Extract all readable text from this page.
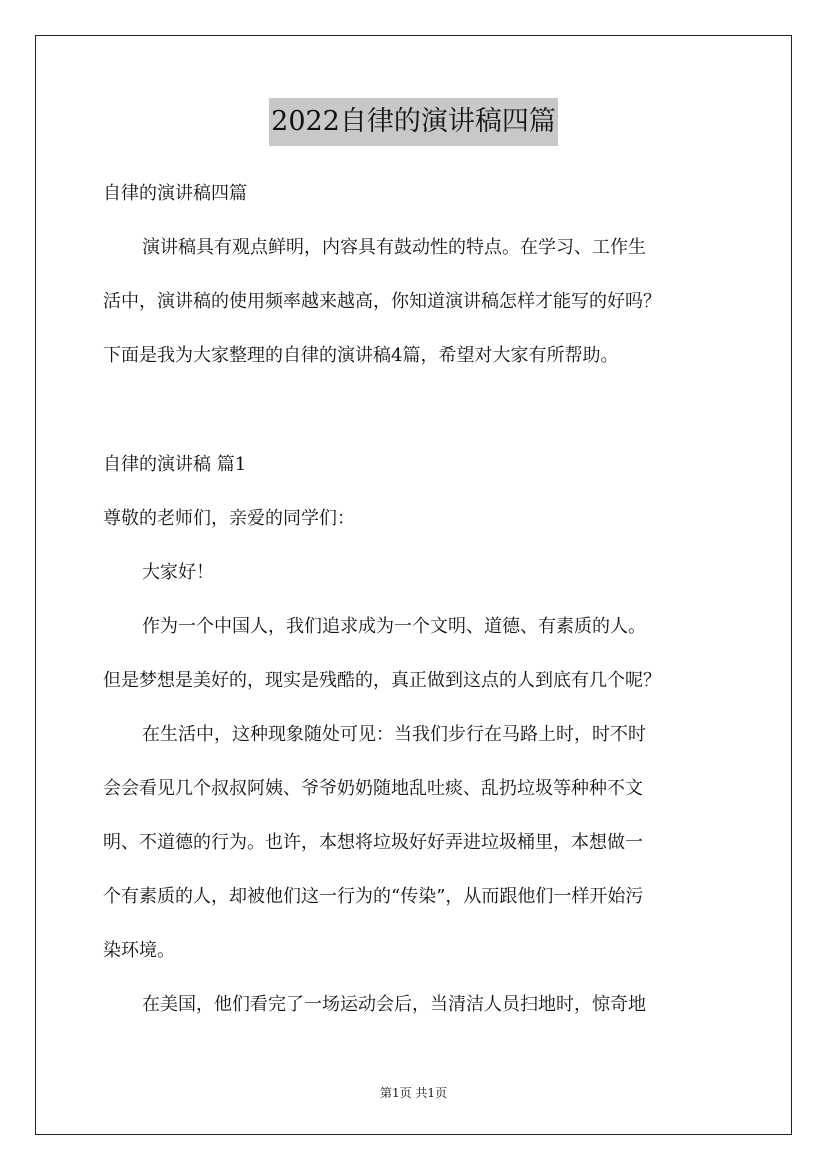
2022自律的演讲稿四篇
自律的演讲稿四篇
演讲稿具有观点鲜明，内容具有鼓动性的特点。在学习、工作生
活中，演讲稿的使用频率越来越高，你知道演讲稿怎样才能写的好吗？
下面是我为大家整理的自律的演讲稿4篇，希望对大家有所帮助。
自律的演讲稿 篇1
尊敬的老师们，亲爱的同学们：
大家好！
作为一个中国人，我们追求成为一个文明、道德、有素质的人。
但是梦想是美好的，现实是残酷的，真正做到这点的人到底有几个呢？
在生活中，这种现象随处可见：当我们步行在马路上时，时不时
会会看见几个叔叔阿姨、爷爷奶奶随地乱吐痰、乱扔垃圾等种种不文
明、不道德的行为。也许，本想将垃圾好好弄进垃圾桶里，本想做一
个有素质的人，却被他们这一行为的“传染”，从而跟他们一样开始污
染环境。
在美国，他们看完了一场运动会后，当清洁人员扫地时，惊奇地
第1页 共1页
